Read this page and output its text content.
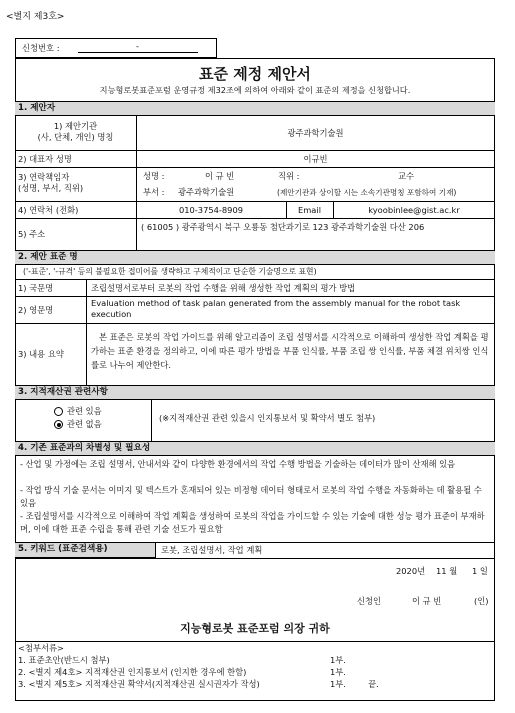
<별지 제3호>
신청번호 :	-
표준 제정 제안서
지능형로봇표준포럼 운영규정 제32조에 의하여 아래와 같이 표준의 제정을 신청합니다.
1. 제안자
1) 제안기관
(사, 단체, 개인) 명칭	광주과학기술원
2) 대표자 성명	이규빈
3) 연락책임자
(성명, 부서, 직위)
성명 :	이 규 빈	직위 :	교수
부서 : 광주과학기술원	(제안기관과 상이할 시는 소속기관명칭 포함하여 기재)
4) 연락처 (전화)	010-3754-8909	Email	kyoobinlee@gist.ac.kr
5) 주소
( 61005 ) 광주광역시 북구 오룡동 첨단과기로 123 광주과학기술원 다산 206
2. 제안 표준 명
('-표준', '-규격' 등의 불필요한 접미어를 생략하고 구체적이고 단순한 기술명으로 표현)
1) 국문명	조립설명서로부터 로봇의 작업 수행을 위해 생성한 작업 계획의 평가 방법
2) 영문명
Evaluation method of task palan generated from the assembly manual for the robot task execution
3) 내용 요약
본 표준은 로봇의 작업 가이드를 위해 알고리즘이 조립 설명서를 시각적으로 이해하여 생성한 작업 계획을 평가하는 표준 환경을 정의하고, 이에 따른 평가 방법을 부품 인식률, 부품 조립 쌍 인식률, 부품 체결 위치쌍 인식률로 나누어 제안한다.
3. 지적재산권 관련사항
관련 있음
관련 없음
(※지적재산권 관련 있을시 인지통보서 및 확약서 별도 첨부)
4. 기존 표준과의 차별성 및 필요성
- 산업 및 가정에는 조립 설명서, 안내서와 같이 다양한 환경에서의 작업 수행 방법을 기술하는 데이터가 많이 산재해 있음
- 작업 방식 기술 문서는 이미지 및 텍스트가 혼재되어 있는 비정형 데이터 형태로서 로봇의 작업 수행을 자동화하는 데 활용될 수 있음
- 조립설명서를 시각적으로 이해하여 작업 계획을 생성하여 로봇의 작업을 가이드할 수 있는 기술에 대한 성능 평가 표준이 부재하며, 이에 대한 표준 수립을 통해 관련 기술 선도가 필요함
5. 키워드 (표준검색용)	로봇, 조립설명서, 작업 계획
2020년 11 월 1 일
신청인	이 규 빈	(인)
지능형로봇 표준포럼 의장 귀하
<첨부서류>
1. 표준초안(반드시 첨부)	1부.
2. <별지 제4호> 지적재산권 인지통보서 (인지한 경우에 한함)	1부.
3. <별지 제5호> 지적재산권 확약서(지적재산권 실시권자가 작성)	1부.	끝.
